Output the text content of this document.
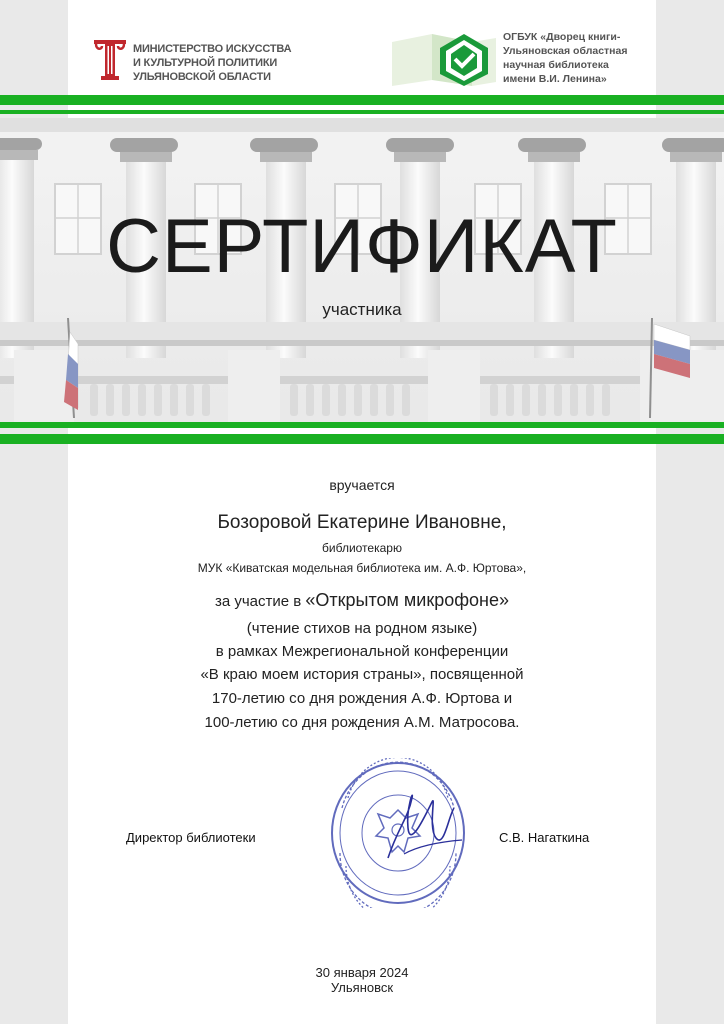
МИНИСТЕРСТВО ИСКУССТВА
И КУЛЬТУРНОЙ ПОЛИТИКИ
УЛЬЯНОВСКОЙ ОБЛАСТИ
ОГБУК «Дворец книги-
Ульяновская областная
научная библиотека
имени В.И. Ленина»
СЕРТИФИКАТ
участника
вручается
Бозоровой Екатерине Ивановне,
библиотекарю
МУК «Киватская модельная библиотека им. А.Ф. Юртова»,
за участие в «Открытом микрофоне»
(чтение стихов на родном языке)
в рамках Межрегиональной конференции
«В краю моем история страны», посвященной
170-летию со дня рождения А.Ф. Юртова и
100-летию со дня рождения А.М. Матросова.
Директор библиотеки	С.В. Нагаткина
30 января 2024
Ульяновск
